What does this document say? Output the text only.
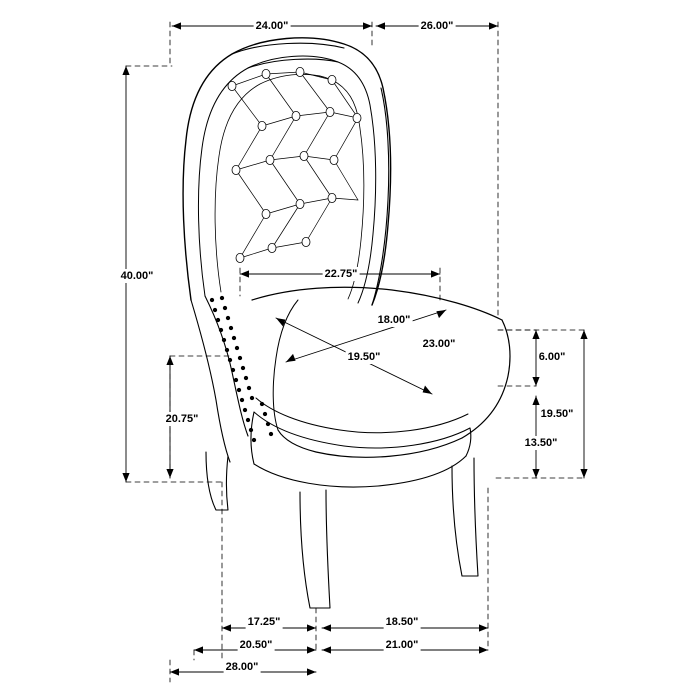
24.00"	26.00"
40.00"	22.75"
18.00"
23.00"
19.50"	6.00"
20.75"	19.50"
13.50"
17.25"	18.50"
20.50"	21.00"
28.00"
